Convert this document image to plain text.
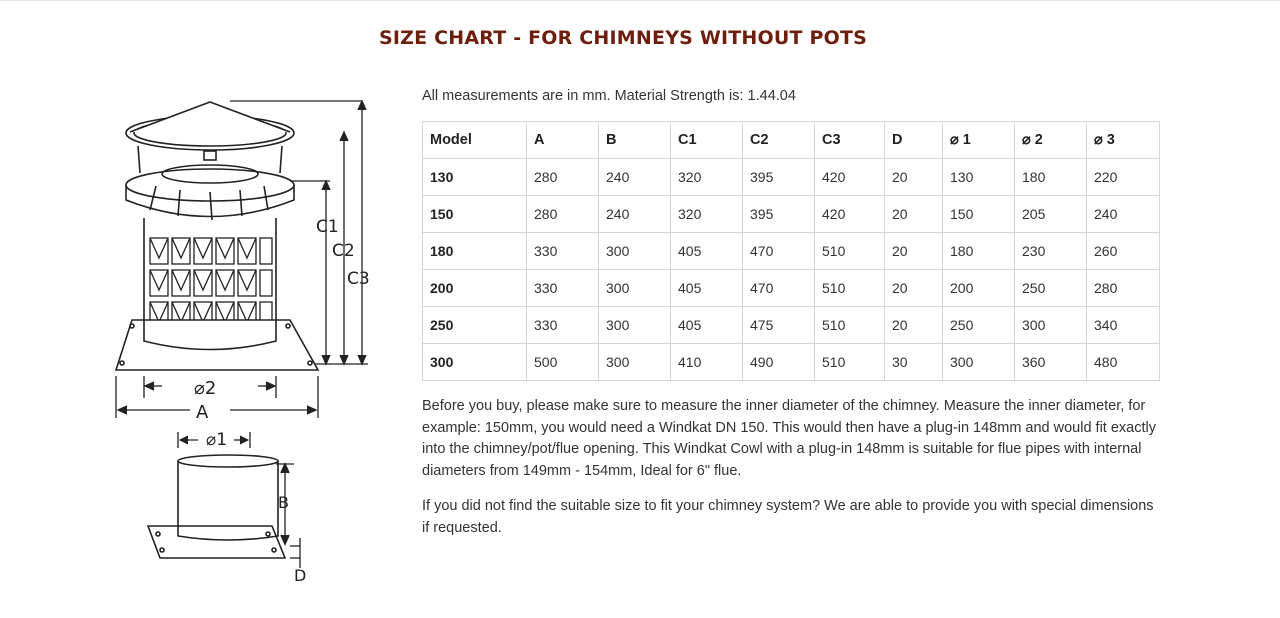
SIZE CHART - FOR CHIMNEYS WITHOUT POTS
C1
C2
C3
⌀2
A
⌀1
B
D
All measurements are in mm. Material Strength is: 1.44.04
Model	A	B	C1	C2	C3	D	⌀ 1	⌀ 2	⌀ 3
130	280	240	320	395	420	20	130	180	220
150	280	240	320	395	420	20	150	205	240
180	330	300	405	470	510	20	180	230	260
200	330	300	405	470	510	20	200	250	280
250	330	300	405	475	510	20	250	300	340
300	500	300	410	490	510	30	300	360	480

Before you buy, please make sure to measure the inner diameter of the chimney. Measure the inner diameter, for example: 150mm, you would need a Windkat DN 150. This would then have a plug-in 148mm and would fit exactly into the chimney/pot/flue opening. This Windkat Cowl with a plug-in 148mm is suitable for flue pipes with internal diameters from 149mm - 154mm, Ideal for 6" flue.

If you did not find the suitable size to fit your chimney system? We are able to provide you with special dimensions if requested.
